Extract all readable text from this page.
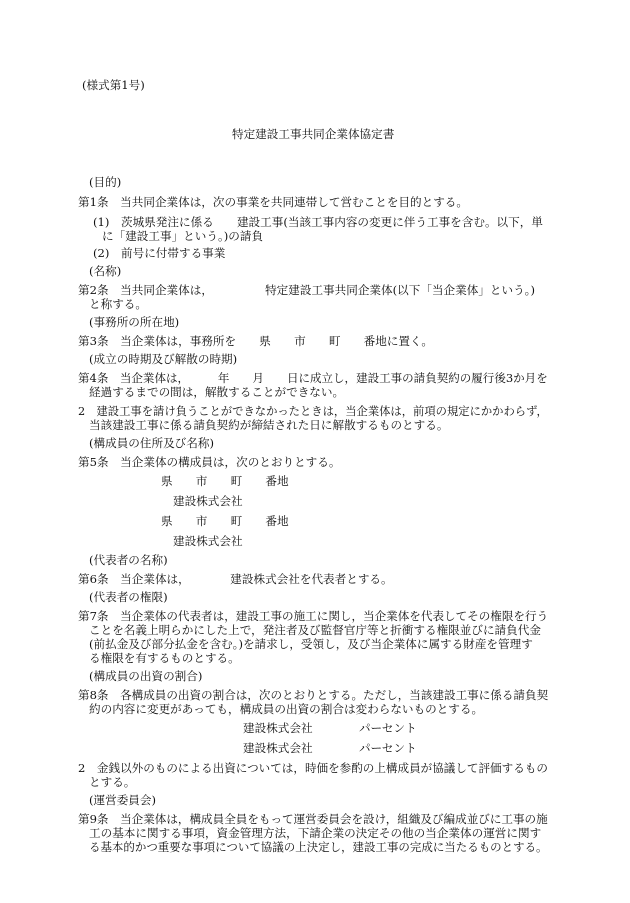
(様式第1号)

特定建設工事共同企業体協定書

(目的)

第1条　当共同企業体は，次の事業を共同連帯して営むことを目的とする。

(1)　茨城県発注に係る　　建設工事(当該工事内容の変更に伴う工事を含む。以下，単

に「建設工事」という。)の請負

(2)　前号に付帯する事業

(名称)

第2条　当共同企業体は，　　　　　特定建設工事共同企業体(以下「当企業体」という。)

と称する。

(事務所の所在地)

第3条　当企業体は，事務所を　　県　　市　　町　　番地に置く。

(成立の時期及び解散の時期)

第4条　当企業体は，　　　年　　月　　日に成立し，建設工事の請負契約の履行後3か月を

経過するまでの間は，解散することができない。

2　建設工事を請け負うことができなかったときは，当企業体は，前項の規定にかかわらず，

当該建設工事に係る請負契約が締結された日に解散するものとする。

(構成員の住所及び名称)

第5条　当企業体の構成員は，次のとおりとする。

県　　市　　町　　番地

建設株式会社

県　　市　　町　　番地

建設株式会社

(代表者の名称)

第6条　当企業体は，　　　　建設株式会社を代表者とする。

(代表者の権限)

第7条　当企業体の代表者は，建設工事の施工に関し，当企業体を代表してその権限を行う

ことを名義上明らかにした上で，発注者及び監督官庁等と折衝する権限並びに請負代金

(前払金及び部分払金を含む。)を請求し，受領し，及び当企業体に属する財産を管理す

る権限を有するものとする。

(構成員の出資の割合)

第8条　各構成員の出資の割合は，次のとおりとする。ただし，当該建設工事に係る請負契

約の内容に変更があっても，構成員の出資の割合は変わらないものとする。

建設株式会社　　　　パーセント

建設株式会社　　　　パーセント

2　金銭以外のものによる出資については，時価を参酌の上構成員が協議して評価するもの

とする。

(運営委員会)

第9条　当企業体は，構成員全員をもって運営委員会を設け，組織及び編成並びに工事の施

工の基本に関する事項，資金管理方法，下請企業の決定その他の当企業体の運営に関す

る基本的かつ重要な事項について協議の上決定し，建設工事の完成に当たるものとする。
